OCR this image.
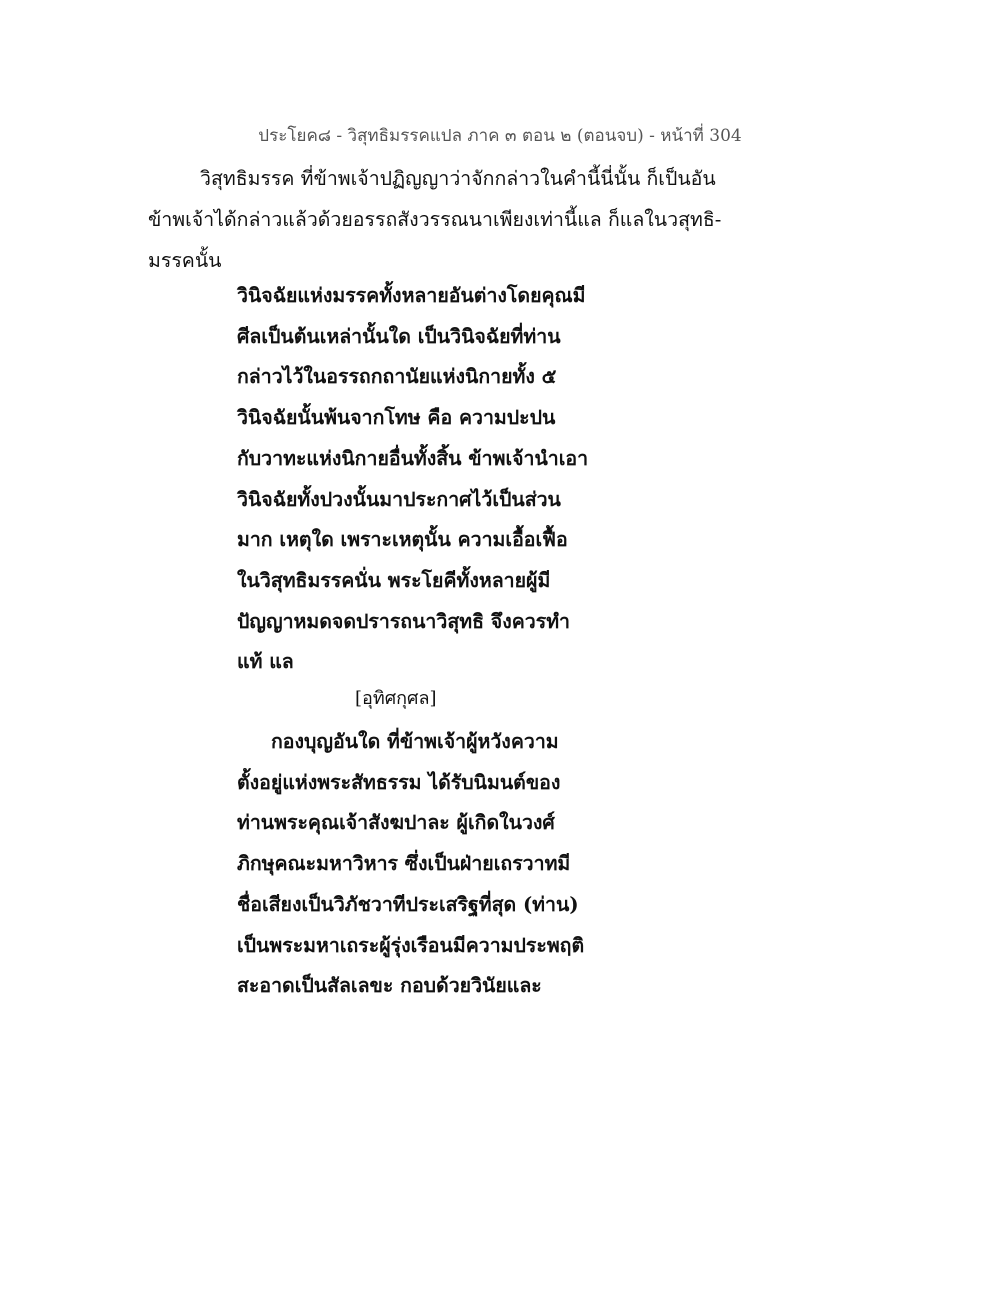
ประโยค๘ - วิสุทธิมรรคแปล ภาค ๓ ตอน ๒ (ตอนจบ) - หน้าที่ 304
วิสุทธิมรรค ที่ข้าพเจ้าปฏิญญาว่าจักกล่าวในคำนี้นี่นั้น ก็เป็นอัน
ข้าพเจ้าได้กล่าวแล้วด้วยอรรถสังวรรณนาเพียงเท่านี้แล ก็แลในวสุทธิ-
มรรคนั้น
วินิจฉัยแห่งมรรคทั้งหลายอันต่างโดยคุณมี
ศีลเป็นต้นเหล่านั้นใด เป็นวินิจฉัยที่ท่าน
กล่าวไว้ในอรรถกถานัยแห่งนิกายทั้ง ๕
วินิจฉัยนั้นพ้นจากโทษ คือ ความปะปน
กับวาทะแห่งนิกายอื่นทั้งสิ้น ข้าพเจ้านำเอา
วินิจฉัยทั้งปวงนั้นมาประกาศไว้เป็นส่วน
มาก เหตุใด เพราะเหตุนั้น ความเอื้อเฟื้อ
ในวิสุทธิมรรคนั่น พระโยคีทั้งหลายผู้มี
ปัญญาหมดจดปรารถนาวิสุทธิ จึงควรทำ
แท้ แล
[อุทิศกุศล]
กองบุญอันใด ที่ข้าพเจ้าผู้หวังความ
ตั้งอยู่แห่งพระสัทธรรม ได้รับนิมนต์ของ
ท่านพระคุณเจ้าสังฆปาละ ผู้เกิดในวงศ์
ภิกษุคณะมหาวิหาร ซึ่งเป็นฝ่ายเถรวาทมี
ชื่อเสียงเป็นวิภัชวาทีประเสริฐที่สุด (ท่าน)
เป็นพระมหาเถระผู้รุ่งเรือนมีความประพฤติ
สะอาดเป็นสัลเลขะ กอบด้วยวินัยและ
